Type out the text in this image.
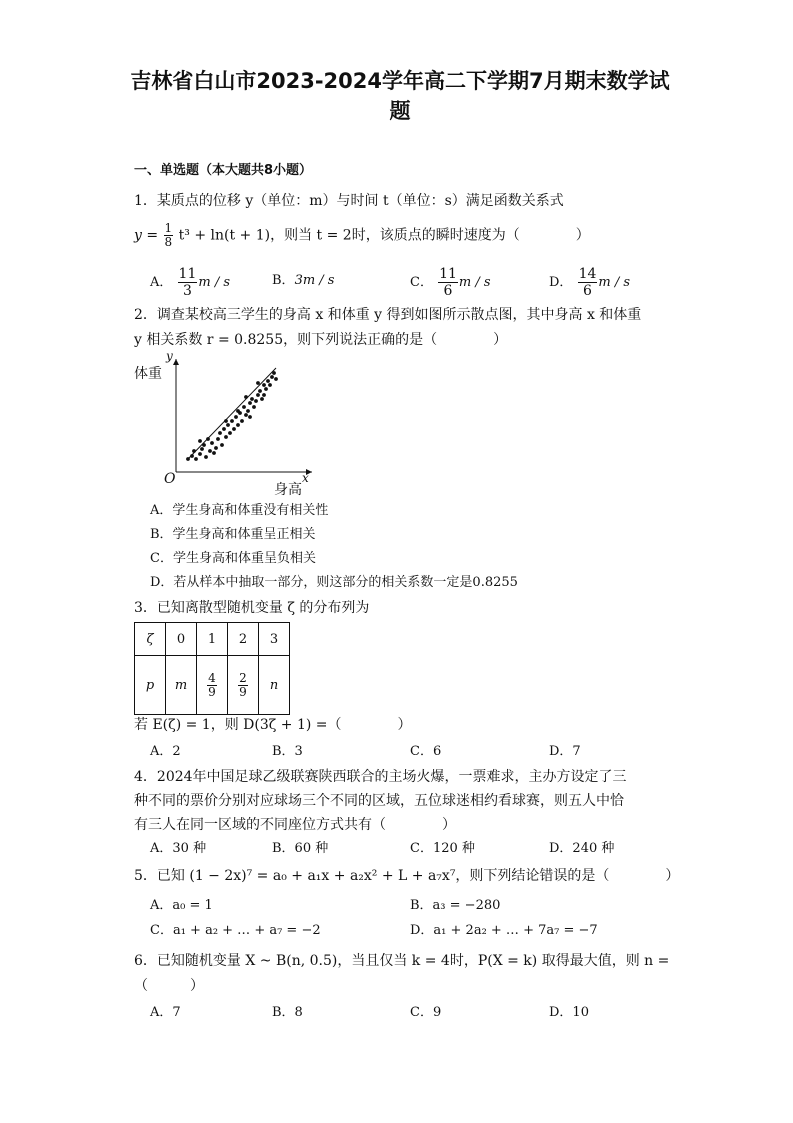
吉林省白山市2023-2024学年高二下学期7月期末数学试
题
一、单选题（本大题共8小题）
1．某质点的位移 y（单位：m）与时间 t（单位：s）满足函数关系式
$y = \frac{1}{8} t^3 + \ln(t + 1)$，则当 t = 2时，该质点的瞬时速度为（　　　　）
A． $\frac{11}{3}$ m / s	B．3m / s	C． $\frac{11}{6}$ m / s	D． $\frac{14}{6}$ m / s
2．调查某校高三学生的身高 x 和体重 y 得到如图所示散点图，其中身高 x 和体重
y 相关系数 r = 0.8255，则下列说法正确的是（　　　　）
体重
y
O
身高
x
A．学生身高和体重没有相关性
B．学生身高和体重呈正相关
C．学生身高和体重呈负相关
D．若从样本中抽取一部分，则这部分的相关系数一定是0.8255
3．已知离散型随机变量 ζ 的分布列为
ζ	0	1	2	3
p	m	$\frac{4}{9}$	$\frac{2}{9}$	n
若 E(ζ) = 1，则 D(3ζ + 1) =（　　　　）
A．2	B．3	C．6	D．7
4．2024年中国足球乙级联赛陕西联合的主场火爆，一票难求，主办方设定了三
种不同的票价分别对应球场三个不同的区域，五位球迷相约看球赛，则五人中恰
有三人在同一区域的不同座位方式共有（　　　　）
A．30 种	B．60 种	C．120 种	D．240 种
5．已知 (1 − 2x)⁷ = a₀ + a₁x + a₂x² + L + a₇x⁷，则下列结论错误的是（　　　　）
A．a₀ = 1	B．a₃ = −280
C．a₁ + a₂ + … + a₇ = −2	D．a₁ + 2a₂ + … + 7a₇ = −7
6．已知随机变量 X ~ B(n, 0.5)，当且仅当 k = 4时，P(X = k) 取得最大值，则 n =
（　　　）
A．7	B．8	C．9	D．10
